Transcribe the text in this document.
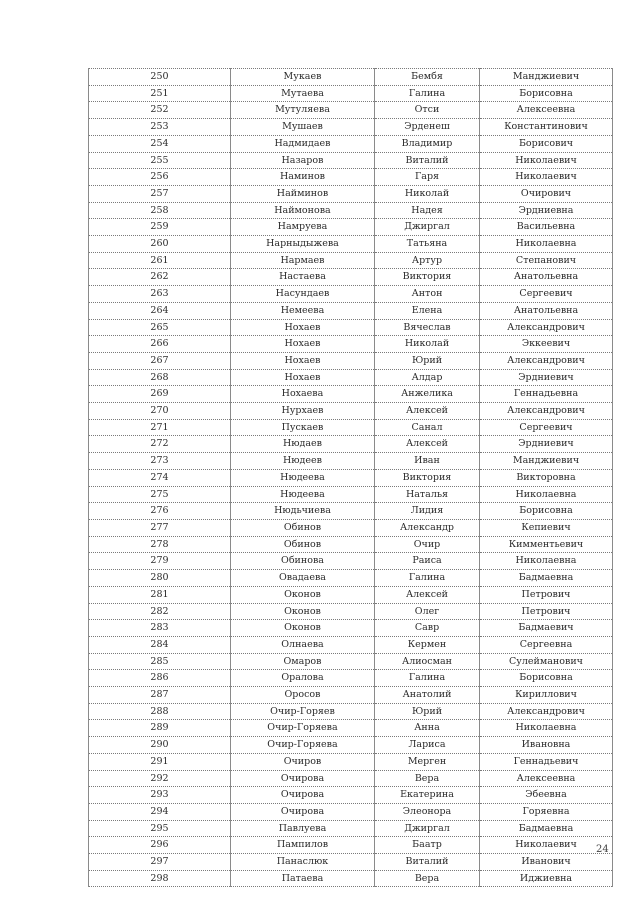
250	Мукаев	Бембя	Манджиевич
251	Мутаева	Галина	Борисовна
252	Мутуляева	Отси	Алексеевна
253	Мушаев	Эрденеш	Константинович
254	Надмидаев	Владимир	Борисович
255	Назаров	Виталий	Николаевич
256	Наминов	Гаря	Николаевич
257	Найминов	Николай	Очирович
258	Наймонова	Надея	Эрдниевна
259	Намруева	Джиргал	Васильевна
260	Нарныдыжева	Татьяна	Николаевна
261	Нармаев	Артур	Степанович
262	Настаева	Виктория	Анатольевна
263	Насундаев	Антон	Сергеевич
264	Немеева	Елена	Анатольевна
265	Нохаев	Вячеслав	Александрович
266	Нохаев	Николай	Эккеевич
267	Нохаев	Юрий	Александрович
268	Нохаев	Алдар	Эрдниевич
269	Нохаева	Анжелика	Геннадьевна
270	Нурхаев	Алексей	Александрович
271	Пускаев	Санал	Сергеевич
272	Нюдаев	Алексей	Эрдниевич
273	Нюдеев	Иван	Манджиевич
274	Нюдеева	Виктория	Викторовна
275	Нюдеева	Наталья	Николаевна
276	Нюдьчиева	Лидия	Борисовна
277	Обинов	Александр	Кепиевич
278	Обинов	Очир	Кимментьевич
279	Обинова	Раиса	Николаевна
280	Овадаева	Галина	Бадмаевна
281	Оконов	Алексей	Петрович
282	Оконов	Олег	Петрович
283	Оконов	Савр	Бадмаевич
284	Олнаева	Кермен	Сергеевна
285	Омаров	Алиосман	Сулейманович
286	Оралова	Галина	Борисовна
287	Оросов	Анатолий	Кириллович
288	Очир-Горяев	Юрий	Александрович
289	Очир-Горяева	Анна	Николаевна
290	Очир-Горяева	Лариса	Ивановна
291	Очиров	Мерген	Геннадьевич
292	Очирова	Вера	Алексеевна
293	Очирова	Екатерина	Эбеевна
294	Очирова	Элеонора	Горяевна
295	Павлуева	Джиргал	Бадмаевна
296	Пампилов	Баатр	Николаевич
297	Панаслюк	Виталий	Иванович
298	Патаева	Вера	Иджиевна
24
